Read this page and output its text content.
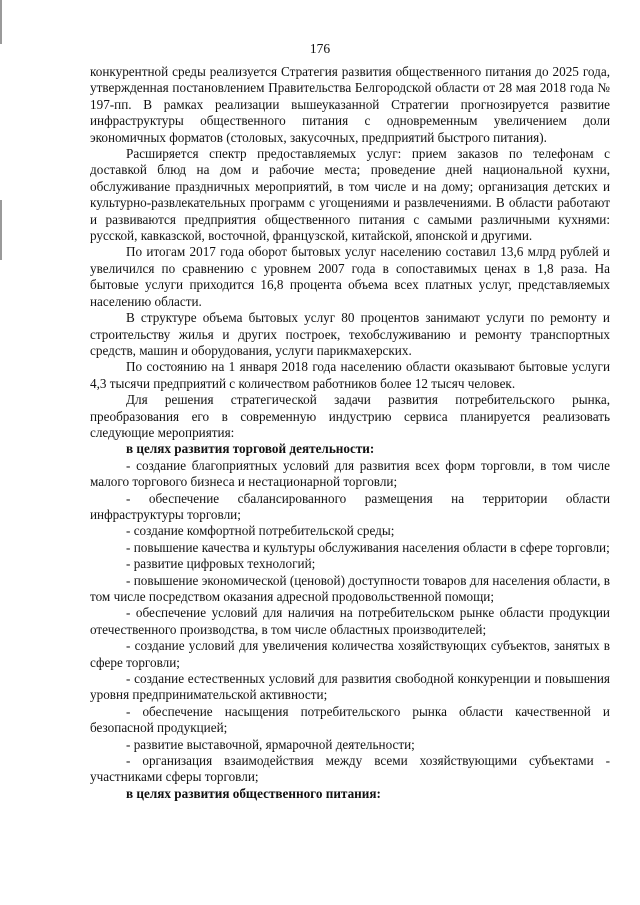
176

конкурентной среды реализуется Стратегия развития общественного питания до 2025 года, утвержденная постановлением Правительства Белгородской области от 28 мая 2018 года № 197-пп. В рамках реализации вышеуказанной Стратегии прогнозируется развитие инфраструктуры общественного питания с одновременным увеличением доли экономичных форматов (столовых, закусочных, предприятий быстрого питания).

Расширяется спектр предоставляемых услуг: прием заказов по телефонам с доставкой блюд на дом и рабочие места; проведение дней национальной кухни, обслуживание праздничных мероприятий, в том числе и на дому; организация детских и культурно-развлекательных программ с угощениями и развлечениями. В области работают и развиваются предприятия общественного питания с самыми различными кухнями: русской, кавказской, восточной, французской, китайской, японской и другими.

По итогам 2017 года оборот бытовых услуг населению составил 13,6 млрд рублей и увеличился по сравнению с уровнем 2007 года в сопоставимых ценах в 1,8 раза. На бытовые услуги приходится 16,8 процента объема всех платных услуг, представляемых населению области.

В структуре объема бытовых услуг 80 процентов занимают услуги по ремонту и строительству жилья и других построек, техобслуживанию и ремонту транспортных средств, машин и оборудования, услуги парикмахерских.

По состоянию на 1 января 2018 года населению области оказывают бытовые услуги 4,3 тысячи предприятий с количеством работников более 12 тысяч человек.

Для решения стратегической задачи развития потребительского рынка, преобразования его в современную индустрию сервиса планируется реализовать следующие мероприятия:

в целях развития торговой деятельности:

- создание благоприятных условий для развития всех форм торговли, в том числе малого торгового бизнеса и нестационарной торговли;

- обеспечение сбалансированного размещения на территории области инфраструктуры торговли;

- создание комфортной потребительской среды;

- повышение качества и культуры обслуживания населения области в сфере торговли;

- развитие цифровых технологий;

- повышение экономической (ценовой) доступности товаров для населения области, в том числе посредством оказания адресной продовольственной помощи;

- обеспечение условий для наличия на потребительском рынке области продукции отечественного производства, в том числе областных производителей;

- создание условий для увеличения количества хозяйствующих субъектов, занятых в сфере торговли;

- создание естественных условий для развития свободной конкуренции и повышения уровня предпринимательской активности;

- обеспечение насыщения потребительского рынка области качественной и безопасной продукцией;

- развитие выставочной, ярмарочной деятельности;

- организация взаимодействия между всеми хозяйствующими субъектами - участниками сферы торговли;

в целях развития общественного питания:
